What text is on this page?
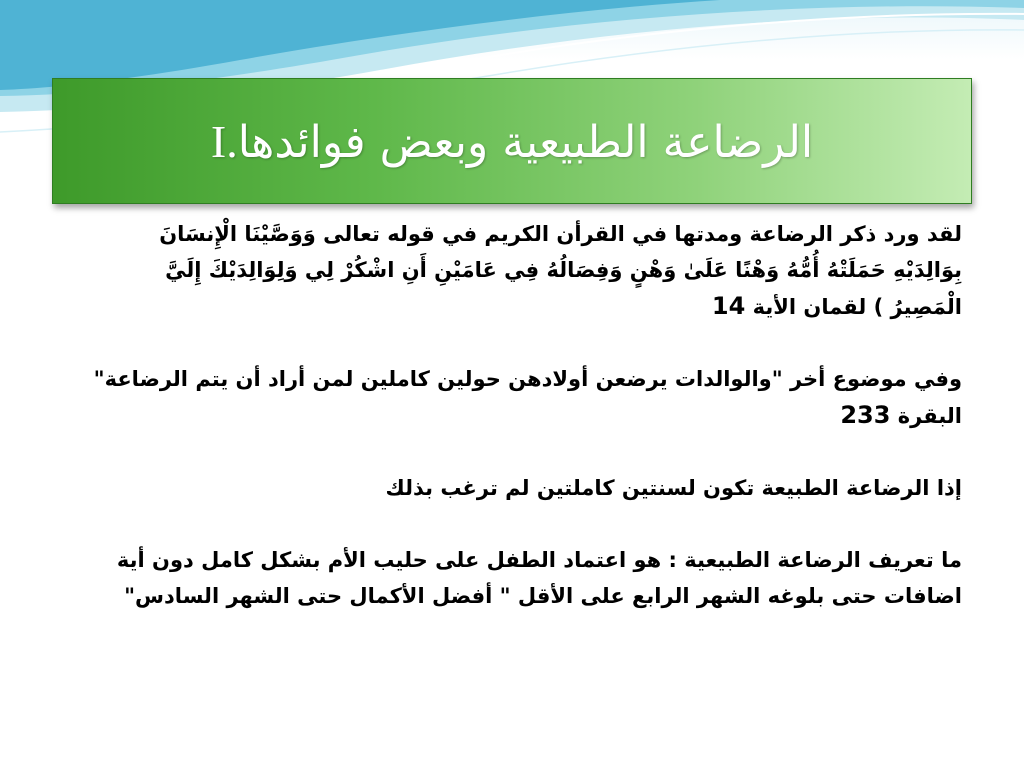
I.الرضاعة الطبيعية وبعض فوائدها

لقد ورد ذكر الرضاعة ومدتها في القرأن الكريم في قوله تعالى وَوَصَّيْنَا الْإِنسَانَ بِوَالِدَيْهِ حَمَلَتْهُ أُمُّهُ وَهْنًا عَلَىٰ وَهْنٍ وَفِصَالُهُ فِي عَامَيْنِ أَنِ اشْكُرْ لِي وَلِوَالِدَيْكَ إِلَيَّ الْمَصِيرُ ) لقمان الأية 14

وفي موضوع أخر "والوالدات يرضعن أولادهن حولين كاملين لمن أراد أن يتم الرضاعة" البقرة 233

إذا الرضاعة الطبيعة تكون لسنتين كاملتين لم ترغب بذلك

ما تعريف الرضاعة الطبيعية : هو اعتماد الطفل على حليب الأم بشكل كامل دون أية اضافات حتى بلوغه الشهر الرابع على الأقل " أفضل الأكمال حتى الشهر السادس"
